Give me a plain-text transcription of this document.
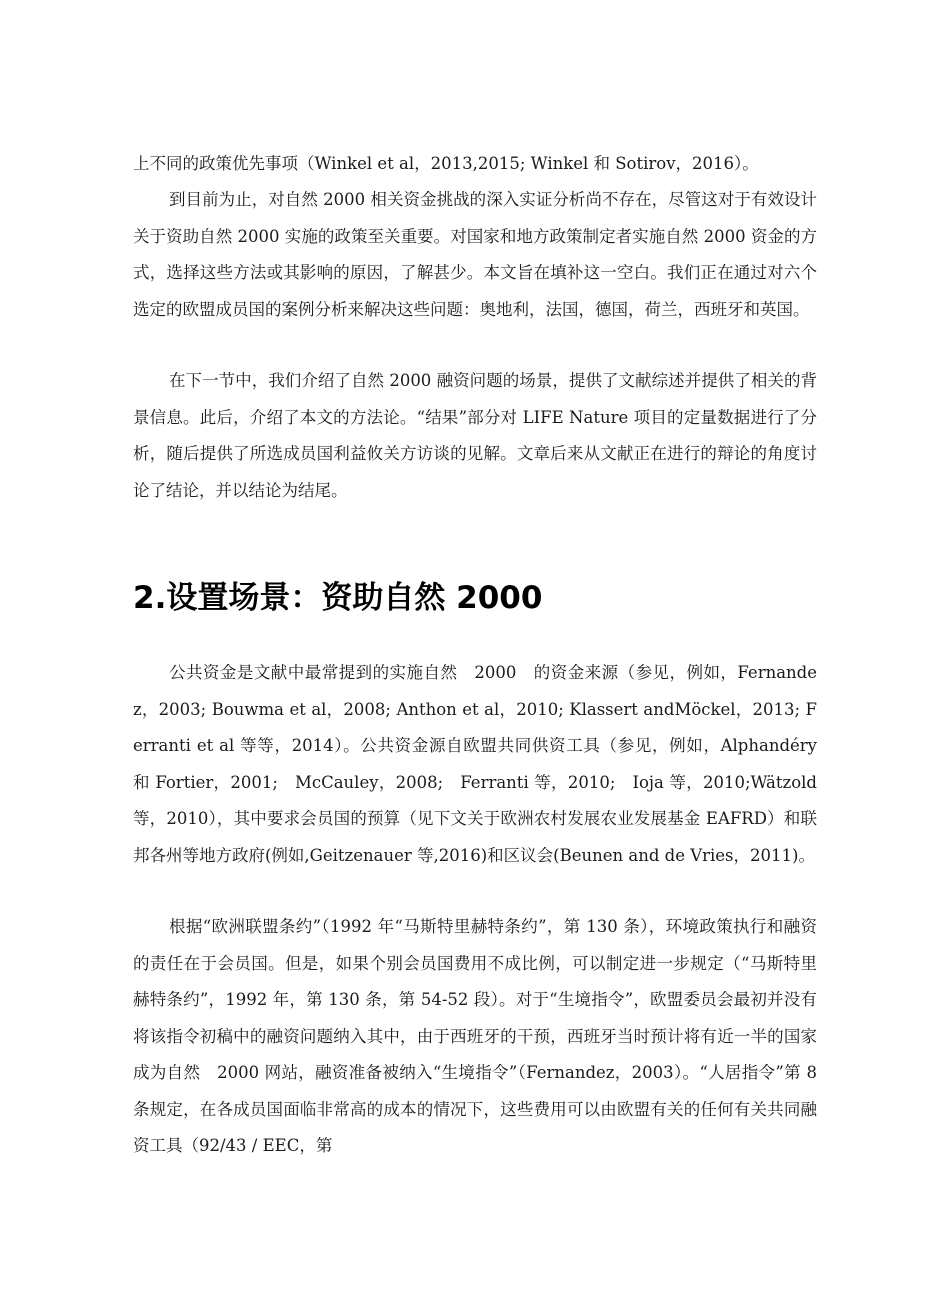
上不同的政策优先事项（Winkel et al，2013,2015; Winkel 和 Sotirov，2016）。

到目前为止，对自然 2000 相关资金挑战的深入实证分析尚不存在，尽管这对于有效设计关于资助自然 2000 实施的政策至关重要。对国家和地方政策制定者实施自然 2000 资金的方式，选择这些方法或其影响的原因，了解甚少。本文旨在填补这一空白。我们正在通过对六个选定的欧盟成员国的案例分析来解决这些问题：奥地利，法国，德国，荷兰，西班牙和英国。

在下一节中，我们介绍了自然 2000 融资问题的场景，提供了文献综述并提供了相关的背景信息。此后，介绍了本文的方法论。“结果”部分对 LIFE Nature 项目的定量数据进行了分析，随后提供了所选成员国利益攸关方访谈的见解。文章后来从文献正在进行的辩论的角度讨论了结论，并以结论为结尾。

2.设置场景：资助自然 2000

公共资金是文献中最常提到的实施自然　2000　的资金来源（参见，例如，Fernandez，2003; Bouwma et al，2008; Anthon et al，2010; Klassert andMöckel，2013; Ferranti et al 等等，2014）。公共资金源自欧盟共同供资工具（参见，例如，Alphandéry 和 Fortier，2001;　McCauley，2008;　Ferranti 等，2010;　Ioja 等，2010;Wätzold 等，2010），其中要求会员国的预算（见下文关于欧洲农村发展农业发展基金 EAFRD）和联邦各州等地方政府(例如,Geitzenauer 等,2016)和区议会(Beunen and de Vries，2011)。

根据“欧洲联盟条约”（1992 年“马斯特里赫特条约”，第 130 条），环境政策执行和融资的责任在于会员国。但是，如果个别会员国费用不成比例，可以制定进一步规定（“马斯特里赫特条约”，1992 年，第 130 条，第 54-52 段）。对于“生境指令”，欧盟委员会最初并没有将该指令初稿中的融资问题纳入其中，由于西班牙的干预，西班牙当时预计将有近一半的国家成为自然　2000 网站，融资准备被纳入“生境指令”（Fernandez，2003）。“人居指令”第 8 条规定，在各成员国面临非常高的成本的情况下，这些费用可以由欧盟有关的任何有关共同融资工具（92/43 / EEC，第
